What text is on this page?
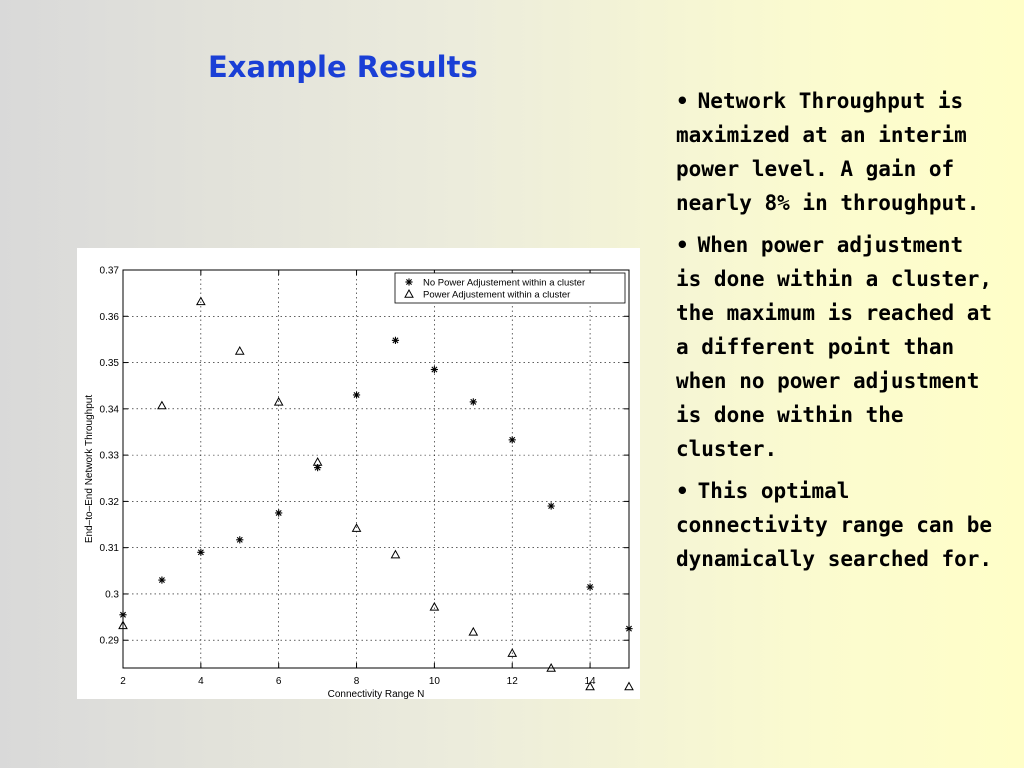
Example Results
2	4	6	8	10	12	14
0.29
0.3
0.31
0.32
0.33
0.34
0.35
0.36
0.37
Connectivity Range N
End–to–End Network Throughput
No Power Adjustement within a cluster
Power Adjustement within a cluster

• Network Throughput is maximized at an interim power level. A gain of nearly 8% in throughput.

• When power adjustment is done within a cluster, the maximum is reached at a different point than when no power adjustment is done within the cluster.

• This optimal connectivity range can be dynamically searched for.
